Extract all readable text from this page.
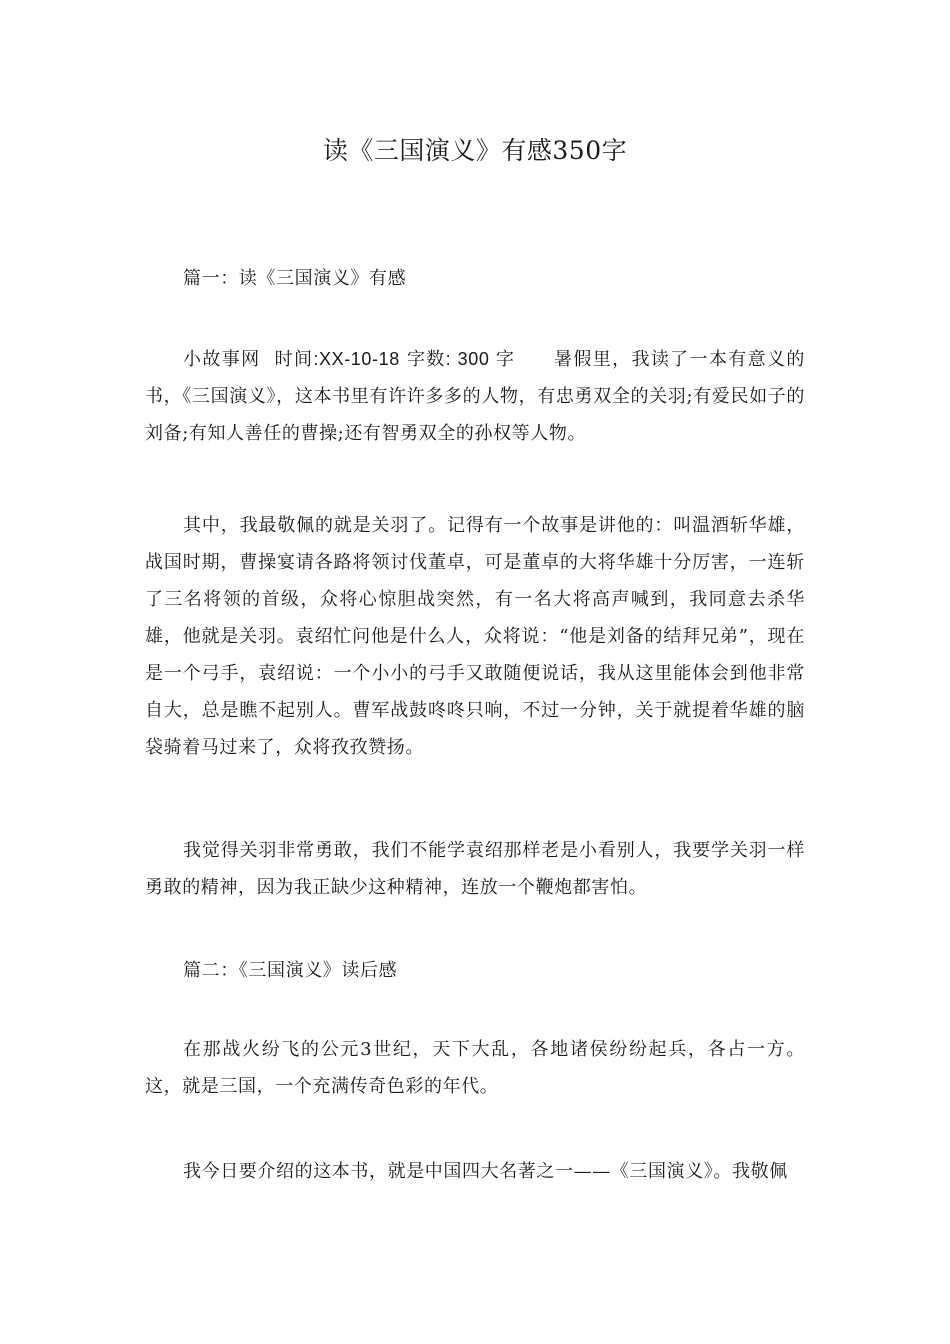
读《三国演义》有感350字
篇一：读《三国演义》有感
小故事网 时间:XX-10-18 字数: 300 字 暑假里，我读了一本有意义的书，《三国演义》，这本书里有许许多多的人物，有忠勇双全的关羽;有爱民如子的刘备;有知人善任的曹操;还有智勇双全的孙权等人物。
其中，我最敬佩的就是关羽了。记得有一个故事是讲他的：叫温酒斩华雄，战国时期，曹操宴请各路将领讨伐董卓，可是董卓的大将华雄十分厉害，一连斩了三名将领的首级，众将心惊胆战突然，有一名大将高声喊到，我同意去杀华雄，他就是关羽。袁绍忙问他是什么人，众将说：“他是刘备的结拜兄弟”，现在是一个弓手，袁绍说：一个小小的弓手又敢随便说话，我从这里能体会到他非常自大，总是瞧不起别人。曹军战鼓咚咚只响，不过一分钟，关于就提着华雄的脑袋骑着马过来了，众将孜孜赞扬。
我觉得关羽非常勇敢，我们不能学袁绍那样老是小看别人，我要学关羽一样勇敢的精神，因为我正缺少这种精神，连放一个鞭炮都害怕。
篇二：《三国演义》读后感
在那战火纷飞的公元3世纪，天下大乱，各地诸侯纷纷起兵，各占一方。这，就是三国，一个充满传奇色彩的年代。
我今日要介绍的这本书，就是中国四大名著之一——《三国演义》。我敬佩
